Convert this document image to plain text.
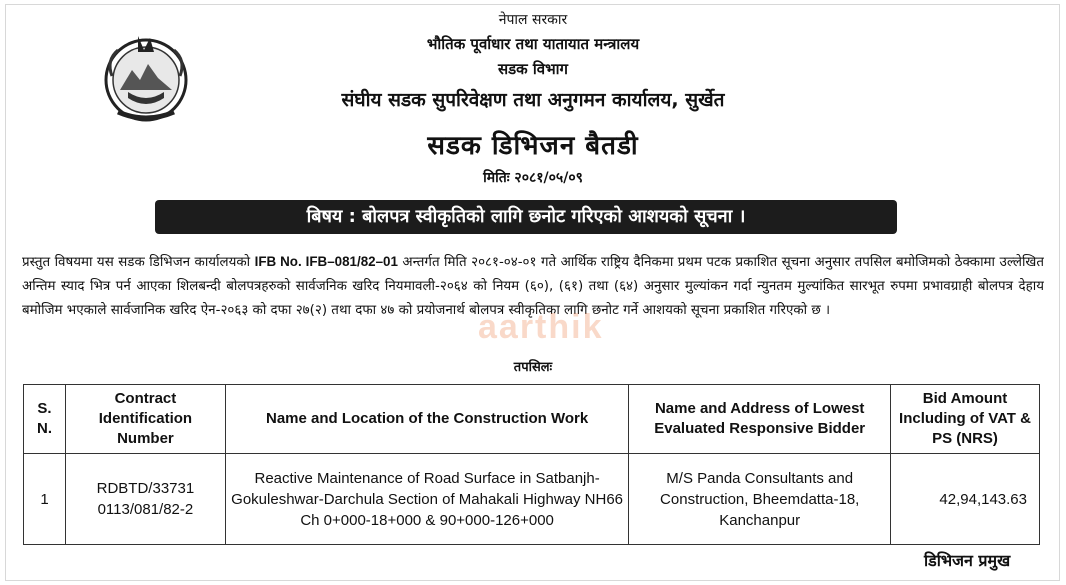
नेपाल सरकार
भौतिक पूर्वाधार तथा यातायात मन्त्रालय
सडक विभाग
संघीय सडक सुपरिवेक्षण तथा अनुगमन कार्यालय, सुर्खेत
सडक डिभिजन बैतडी
मितिः २०८१/०५/०९
बिषय : बोलपत्र स्वीकृतिको लागि छनोट गरिएको आशयको सूचना ।
प्रस्तुत विषयमा यस सडक डिभिजन कार्यालयको IFB No. IFB–081/82–01 अन्तर्गत मिति २०८१-०४-०१ गते आर्थिक राष्ट्रिय दैनिकमा प्रथम पटक प्रकाशित सूचना अनुसार तपसिल बमोजिमको ठेक्कामा उल्लेखित अन्तिम स्याद भित्र पर्न आएका शिलबन्दी बोलपत्रहरुको सार्वजनिक खरिद नियमावली-२०६४ को नियम (६०), (६१) तथा (६४) अनुसार मुल्यांकन गर्दा न्युनतम मुल्यांकित सारभूत रुपमा प्रभावग्राही बोलपत्र देहाय बमोजिम भएकाले सार्वजानिक खरिद ऐन-२०६३ को दफा २७(२) तथा दफा ४७ को प्रयोजनार्थ बोलपत्र स्वीकृतिका लागि छनोट गर्ने आशयको सूचना प्रकाशित गरिएको छ ।
aarthik
तपसिलः
S. N.	Contract Identification Number	Name and Location of the Construction Work	Name and Address of Lowest Evaluated Responsive Bidder	Bid Amount Including of VAT & PS (NRS)
1	RDBTD/33731 0113/081/82-2	Reactive Maintenance of Road Surface in Satbanjh-Gokuleshwar-Darchula Section of Mahakali Highway NH66 Ch 0+000-18+000 & 90+000-126+000	M/S Panda Consultants and Construction, Bheemdatta-18, Kanchanpur	42,94,143.63
डिभिजन प्रमुख
